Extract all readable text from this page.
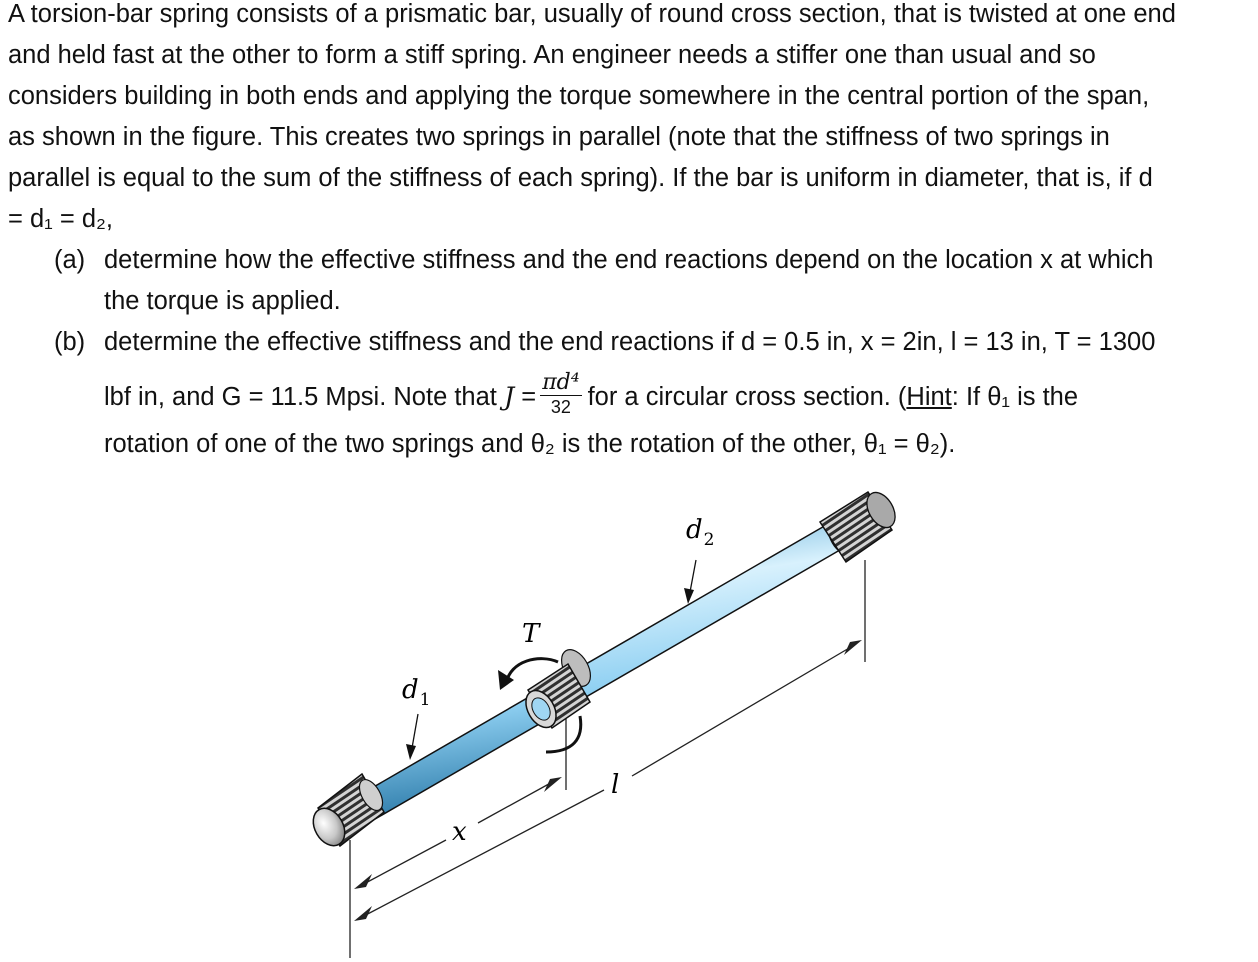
A torsion-bar spring consists of a prismatic bar, usually of round cross section, that is twisted at one end
and held fast at the other to form a stiff spring. An engineer needs a stiffer one than usual and so
considers building in both ends and applying the torque somewhere in the central portion of the span,
as shown in the figure. This creates two springs in parallel (note that the stiffness of two springs in
parallel is equal to the sum of the stiffness of each spring). If the bar is uniform in diameter, that is, if d
= d₁ = d₂,
(a) determine how the effective stiffness and the end reactions depend on the location x at which
the torque is applied.
(b) determine the effective stiffness and the end reactions if d = 0.5 in, x = 2in, l = 13 in, T = 1300
lbf in, and G = 11.5 Mpsi. Note that $J = \frac{\text{πd⁴}}{32}$ for a circular cross section. (Hint: If θ₁ is the
rotation of one of the two springs and θ₂ is the rotation of the other, θ₁ = θ₂).
$d_1$
$d_2$
T
x
l
